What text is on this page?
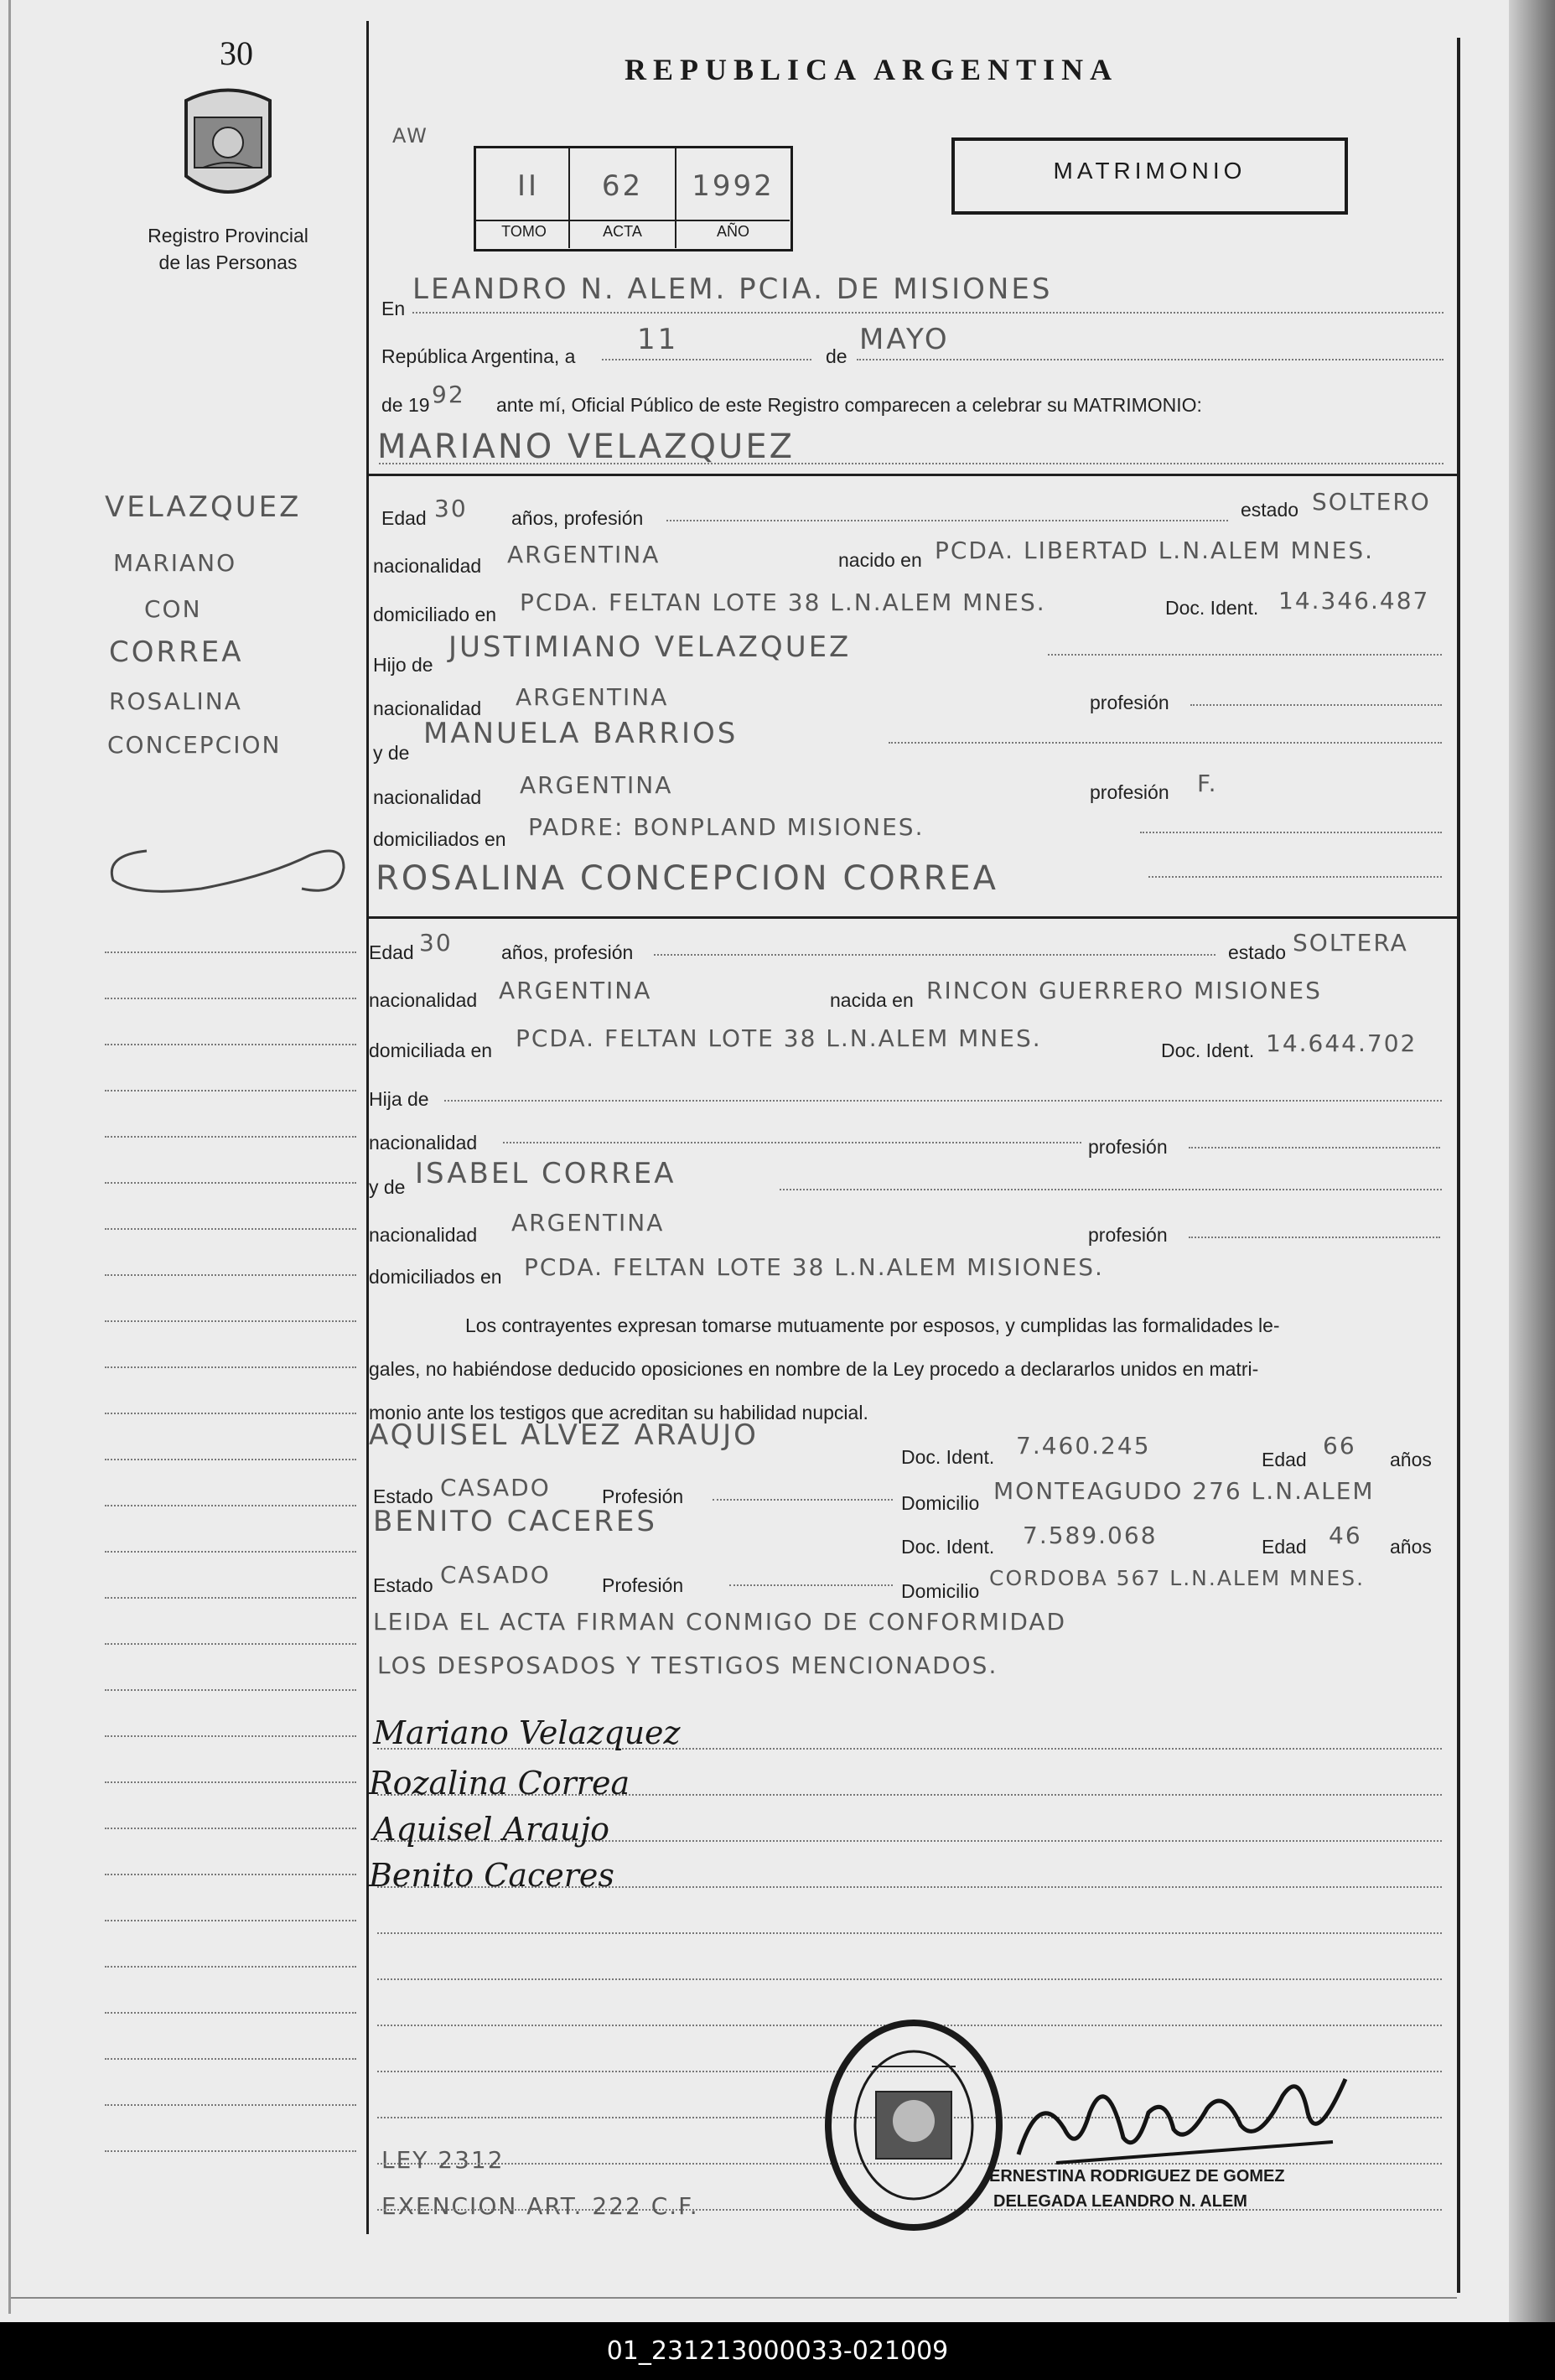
30
Registro Provincial
de las Personas
REPUBLICA ARGENTINA
AW
II	62	1992
TOMO	ACTA	AÑO
MATRIMONIO
En
LEANDRO N. ALEM. PCIA. DE MISIONES
República Argentina, a 11	de MAYO
de 19 92 ante mí, Oficial Público de este Registro comparecen a celebrar su MATRIMONIO:
MARIANO VELAZQUEZ
VELAZQUEZ
MARIANO
CON
CORREA
ROSALINA
CONCEPCION
LEY 2312
EXENCION ART. 222 C.F.
Edad 30 años, profesión	estado SOLTERO
nacionalidad ARGENTINA	nacido en PCDA. LIBERTAD L.N.ALEM MNES.
domiciliado en PCDA. FELTAN LOTE 38 L.N.ALEM MNES.	Doc. Ident. 14.346.487
Hijo de
JUSTIMIANO VELAZQUEZ
nacionalidad ARGENTINA	profesión
y de
MANUELA BARRIOS
nacionalidad ARGENTINA	profesión F.
domiciliados en PADRE: BONPLAND MISIONES.
ROSALINA CONCEPCION CORREA
Edad 30	años, profesión	estado SOLTERA
nacionalidad ARGENTINA	nacida en RINCON GUERRERO MISIONES
domiciliada en PCDA. FELTAN LOTE 38 L.N.ALEM MNES.	Doc. Ident. 14.644.702
Hija de
nacionalidad	profesión
y de ISABEL CORREA
nacionalidad ARGENTINA	profesión
domiciliados en PCDA. FELTAN LOTE 38 L.N.ALEM MISIONES.
Los contrayentes expresan tomarse mutuamente por esposos, y cumplidas las formalidades le-
gales, no habiéndose deducido oposiciones en nombre de la Ley procedo a declararlos unidos en matri-
monio ante los testigos que acreditan su habilidad nupcial.
AQUISEL ALVEZ ARAUJO
Doc. Ident. 7.460.245	Edad 66 años
Estado CASADO	Profesión	Domicilio MONTEAGUDO 276 L.N.ALEM
BENITO CACERES
Doc. Ident. 7.589.068	Edad 46 años
Estado CASADO	Profesión	Domicilio
CORDOBA 567 L.N.ALEM MNES.
LEIDA EL ACTA FIRMAN CONMIGO DE CONFORMIDAD
LOS DESPOSADOS Y TESTIGOS MENCIONADOS.
Mariano Velazquez
Rozalina Correa
Aquisel Araujo
Benito Caceres
ERNESTINA RODRIGUEZ DE GOMEZ
DELEGADA LEANDRO N. ALEM
01_231213000033-021009
